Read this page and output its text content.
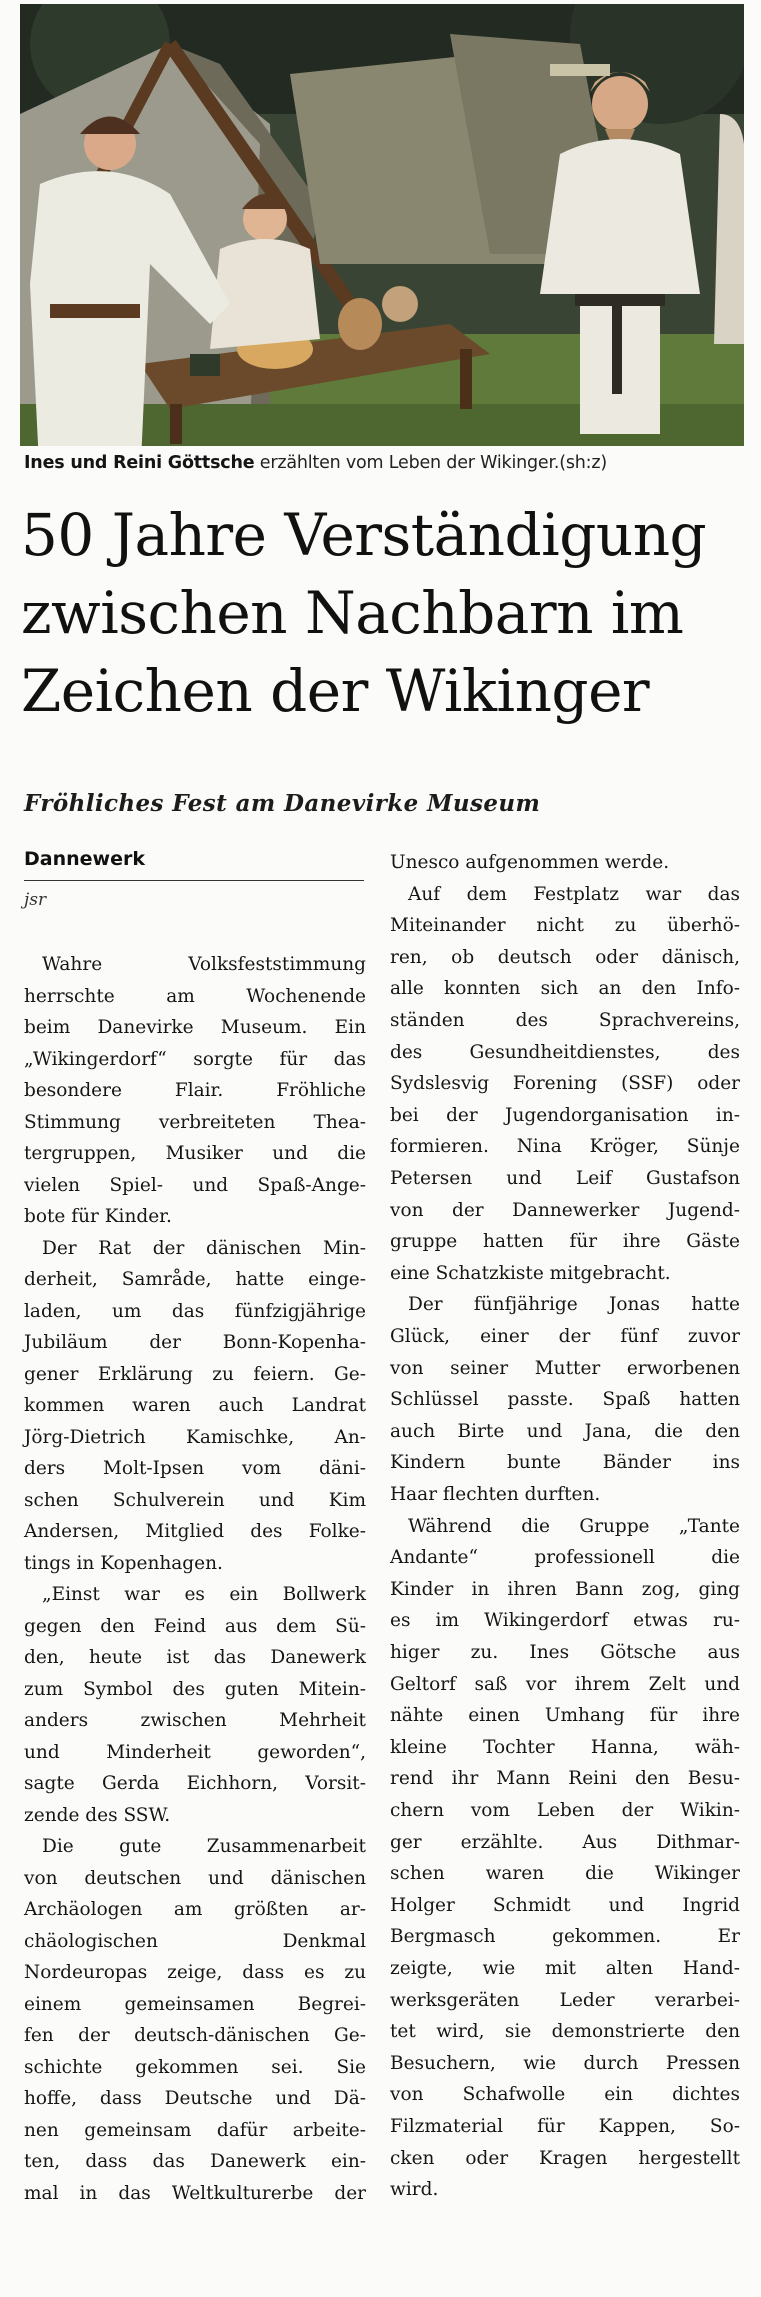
Ines und Reini Göttsche erzählten vom Leben der Wikinger.(sh:z)
50 Jahre Verständigung
zwischen Nachbarn im
Zeichen der Wikinger
Fröhliches Fest am Danevirke Museum
Dannewerk
jsr
Wahre Volksfeststimmung
herrschte am Wochenende
beim Danevirke Museum. Ein
„Wikingerdorf“ sorgte für das
besondere Flair. Fröhliche
Stimmung verbreiteten Thea-
tergruppen, Musiker und die
vielen Spiel- und Spaß-Ange-
bote für Kinder.
Der Rat der dänischen Min-
derheit, Samråde, hatte einge-
laden, um das fünfzigjährige
Jubiläum der Bonn-Kopenha-
gener Erklärung zu feiern. Ge-
kommen waren auch Landrat
Jörg-Dietrich Kamischke, An-
ders Molt-Ipsen vom däni-
schen Schulverein und Kim
Andersen, Mitglied des Folke-
tings in Kopenhagen.
„Einst war es ein Bollwerk
gegen den Feind aus dem Sü-
den, heute ist das Danewerk
zum Symbol des guten Mitein-
anders zwischen Mehrheit
und Minderheit geworden“,
sagte Gerda Eichhorn, Vorsit-
zende des SSW.
Die gute Zusammenarbeit
von deutschen und dänischen
Archäologen am größten ar-
chäologischen Denkmal
Nordeuropas zeige, dass es zu
einem gemeinsamen Begrei-
fen der deutsch-dänischen Ge-
schichte gekommen sei. Sie
hoffe, dass Deutsche und Dä-
nen gemeinsam dafür arbeite-
ten, dass das Danewerk ein-
mal in das Weltkulturerbe der
Unesco aufgenommen werde.
Auf dem Festplatz war das
Miteinander nicht zu überhö-
ren, ob deutsch oder dänisch,
alle konnten sich an den Info-
ständen des Sprachvereins,
des Gesundheitdienstes, des
Sydslesvig Forening (SSF) oder
bei der Jugendorganisation in-
formieren. Nina Kröger, Sünje
Petersen und Leif Gustafson
von der Dannewerker Jugend-
gruppe hatten für ihre Gäste
eine Schatzkiste mitgebracht.
Der fünfjährige Jonas hatte
Glück, einer der fünf zuvor
von seiner Mutter erworbenen
Schlüssel passte. Spaß hatten
auch Birte und Jana, die den
Kindern bunte Bänder ins
Haar flechten durften.
Während die Gruppe „Tante
Andante“ professionell die
Kinder in ihren Bann zog, ging
es im Wikingerdorf etwas ru-
higer zu. Ines Götsche aus
Geltorf saß vor ihrem Zelt und
nähte einen Umhang für ihre
kleine Tochter Hanna, wäh-
rend ihr Mann Reini den Besu-
chern vom Leben der Wikin-
ger erzählte. Aus Dithmar-
schen waren die Wikinger
Holger Schmidt und Ingrid
Bergmasch gekommen. Er
zeigte, wie mit alten Hand-
werksgeräten Leder verarbei-
tet wird, sie demonstrierte den
Besuchern, wie durch Pressen
von Schafwolle ein dichtes
Filzmaterial für Kappen, So-
cken oder Kragen hergestellt
wird.
